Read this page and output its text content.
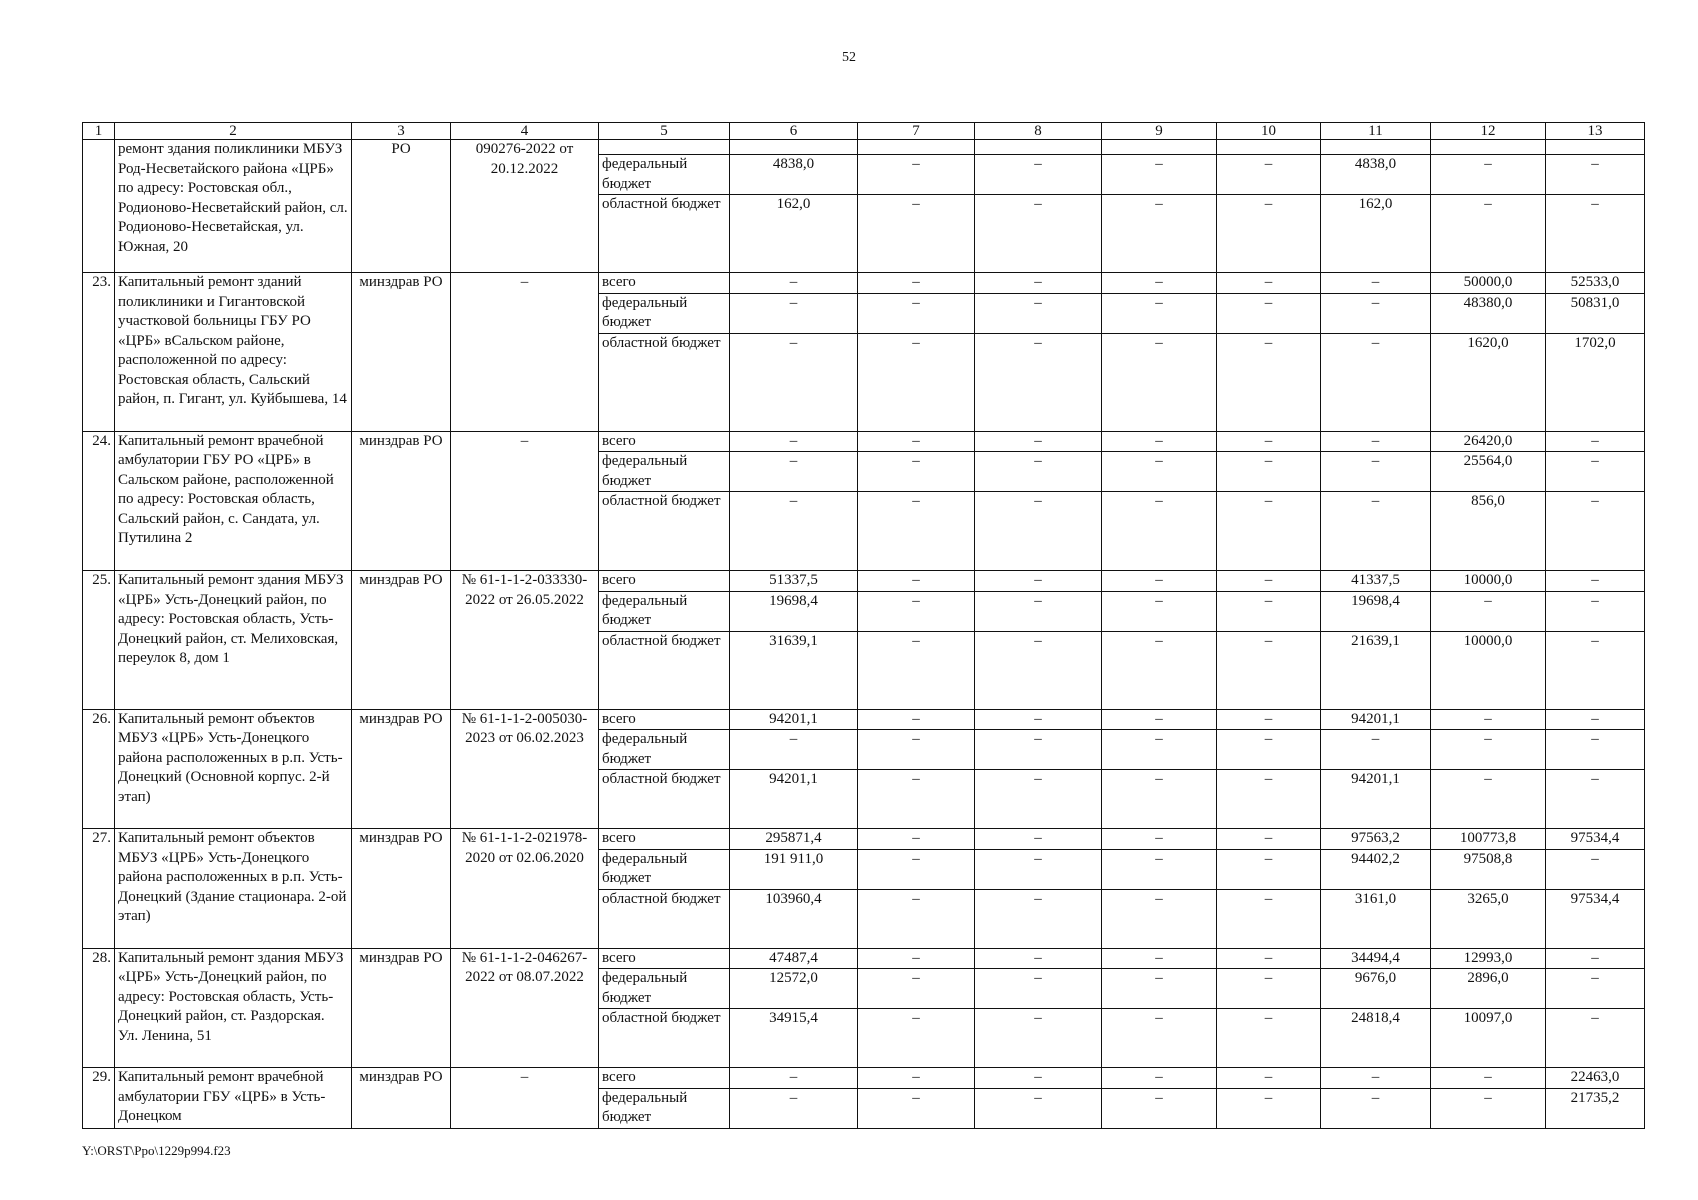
52
1	2	3	4	5	6	7	8	9	10	11	12	13
	ремонт здания поликлиники МБУЗ Род-Несветайского района «ЦРБ» по адресу: Ростовская обл., Родионово-Несветайский район, сл. Родионово-Несветайская, ул. Южная, 20	РО	090276-2022 от 20.12.2022									
				федеральный бюджет	4838,0	–	–	–	–	4838,0	–	–
				областной бюджет	162,0	–	–	–	–	162,0	–	–
23.	Капитальный ремонт зданий поликлиники и Гигантовской участковой больницы ГБУ РО «ЦРБ» вСальском районе, расположенной по адресу: Ростовская область, Сальский район, п. Гигант, ул. Куйбышева, 14	минздрав РО	–	всего	–	–	–	–	–	–	50000,0	52533,0
				федеральный бюджет	–	–	–	–	–	–	48380,0	50831,0
				областной бюджет	–	–	–	–	–	–	1620,0	1702,0
24.	Капитальный ремонт врачебной амбулатории ГБУ РО «ЦРБ» в Сальском районе, расположенной по адресу: Ростовская область, Сальский район, с. Сандата, ул. Путилина 2	минздрав РО	–	всего	–	–	–	–	–	–	26420,0	–
				федеральный бюджет	–	–	–	–	–	–	25564,0	–
				областной бюджет	–	–	–	–	–	–	856,0	–
25.	Капитальный ремонт здания МБУЗ «ЦРБ» Усть-Донецкий район, по адресу: Ростовская область, Усть-Донецкий район, ст. Мелиховская, переулок 8, дом 1	минздрав РО	№ 61-1-1-2-033330-2022 от 26.05.2022	всего	51337,5	–	–	–	–	41337,5	10000,0	–
				федеральный бюджет	19698,4	–	–	–	–	19698,4	–	–
				областной бюджет	31639,1	–	–	–	–	21639,1	10000,0	–
26.	Капитальный ремонт объектов МБУЗ «ЦРБ» Усть-Донецкого района расположенных в р.п. Усть-Донецкий (Основной корпус. 2-й этап)	минздрав РО	№ 61-1-1-2-005030-2023 от 06.02.2023	всего	94201,1	–	–	–	–	94201,1	–	–
				федеральный бюджет	–	–	–	–	–	–	–	–
				областной бюджет	94201,1	–	–	–	–	94201,1	–	–
27.	Капитальный ремонт объектов МБУЗ «ЦРБ» Усть-Донецкого района расположенных в р.п. Усть-Донецкий (Здание стационара. 2-ой этап)	минздрав РО	№ 61-1-1-2-021978-2020 от 02.06.2020	всего	295871,4	–	–	–	–	97563,2	100773,8	97534,4
				федеральный бюджет	191 911,0	–	–	–	–	94402,2	97508,8	–
				областной бюджет	103960,4	–	–	–	–	3161,0	3265,0	97534,4
28.	Капитальный ремонт здания МБУЗ «ЦРБ» Усть-Донецкий район, по адресу: Ростовская область, Усть-Донецкий район, ст. Раздорская. Ул. Ленина, 51	минздрав РО	№ 61-1-1-2-046267-2022 от 08.07.2022	всего	47487,4	–	–	–	–	34494,4	12993,0	–
				федеральный бюджет	12572,0	–	–	–	–	9676,0	2896,0	–
				областной бюджет	34915,4	–	–	–	–	24818,4	10097,0	–
29.	Капитальный ремонт врачебной амбулатории ГБУ «ЦРБ» в Усть-Донецком	минздрав РО	–	всего	–	–	–	–	–	–	–	22463,0
				федеральный бюджет	–	–	–	–	–	–	–	21735,2
Y:\ORST\Ppo\1229p994.f23
